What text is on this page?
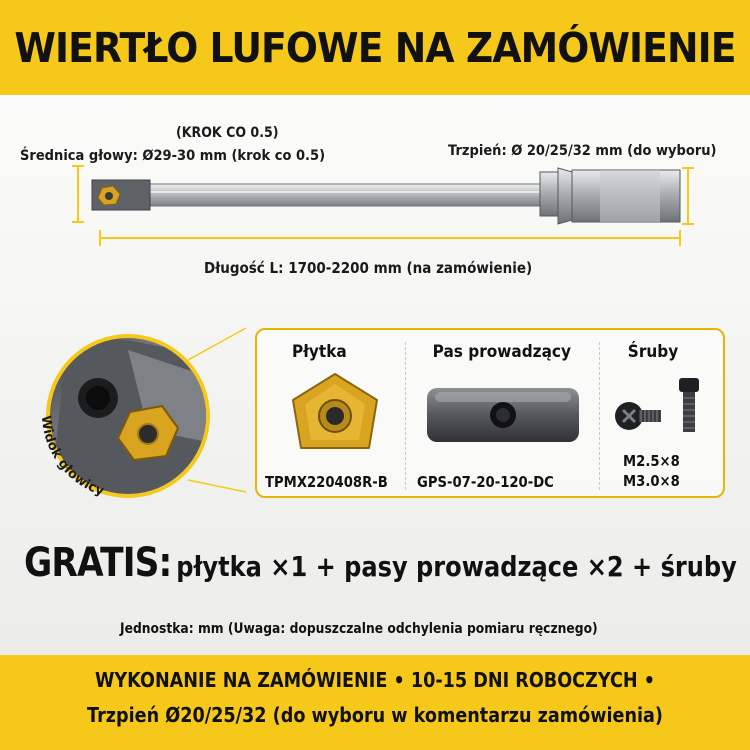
WIERTŁO LUFOWE NA ZAMÓWIENIE
(KROK CO 0.5)
Średnica głowy: Ø29-30 mm (krok co 0.5)	Trzpień: Ø 20/25/32 mm (do wyboru)
Długość L: 1700-2200 mm (na zamówienie)
Widok głowicy
Płytka
TPMX220408R-B
Pas prowadzący
GPS-07-20-120-DC
Śruby
M2.5×8
M3.0×8
GRATIS: płytka ×1 + pasy prowadzące ×2 + śruby
Jednostka: mm (Uwaga: dopuszczalne odchylenia pomiaru ręcznego)
WYKONANIE NA ZAMÓWIENIE • 10-15 DNI ROBOCZYCH •
Trzpień Ø20/25/32 (do wyboru w komentarzu zamówienia)
